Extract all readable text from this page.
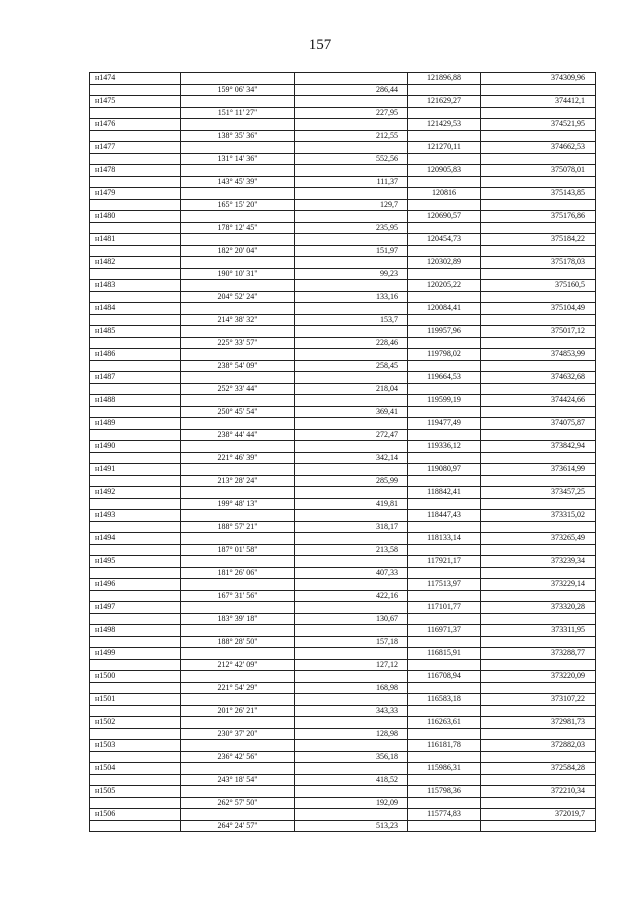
157
н1474			121896,88	374309,96
	159° 06' 34"	286,44		
н1475			121629,27	374412,1
	151° 11' 27"	227,95		
н1476			121429,53	374521,95
	138° 35' 36"	212,55		
н1477			121270,11	374662,53
	131° 14' 36"	552,56		
н1478			120905,83	375078,01
	143° 45' 39"	111,37		
н1479			120816	375143,85
	165° 15' 20"	129,7		
н1480			120690,57	375176,86
	178° 12' 45"	235,95		
н1481			120454,73	375184,22
	182° 20' 04"	151,97		
н1482			120302,89	375178,03
	190° 10' 31"	99,23		
н1483			120205,22	375160,5
	204° 52' 24"	133,16		
н1484			120084,41	375104,49
	214° 38' 32"	153,7		
н1485			119957,96	375017,12
	225° 33' 57"	228,46		
н1486			119798,02	374853,99
	238° 54' 09"	258,45		
н1487			119664,53	374632,68
	252° 33' 44"	218,04		
н1488			119599,19	374424,66
	250° 45' 54"	369,41		
н1489			119477,49	374075,87
	238° 44' 44"	272,47		
н1490			119336,12	373842,94
	221° 46' 39"	342,14		
н1491			119080,97	373614,99
	213° 28' 24"	285,99		
н1492			118842,41	373457,25
	199° 48' 13"	419,81		
н1493			118447,43	373315,02
	188° 57' 21"	318,17		
н1494			118133,14	373265,49
	187° 01' 58"	213,58		
н1495			117921,17	373239,34
	181° 26' 06"	407,33		
н1496			117513,97	373229,14
	167° 31' 56"	422,16		
н1497			117101,77	373320,28
	183° 39' 18"	130,67		
н1498			116971,37	373311,95
	188° 28' 50"	157,18		
н1499			116815,91	373288,77
	212° 42' 09"	127,12		
н1500			116708,94	373220,09
	221° 54' 29"	168,98		
н1501			116583,18	373107,22
	201° 26' 21"	343,33		
н1502			116263,61	372981,73
	230° 37' 20"	128,98		
н1503			116181,78	372882,03
	236° 42' 56"	356,18		
н1504			115986,31	372584,28
	243° 18' 54"	418,52		
н1505			115798,36	372210,34
	262° 57' 50"	192,09		
н1506			115774,83	372019,7
	264° 24' 57"	513,23		
